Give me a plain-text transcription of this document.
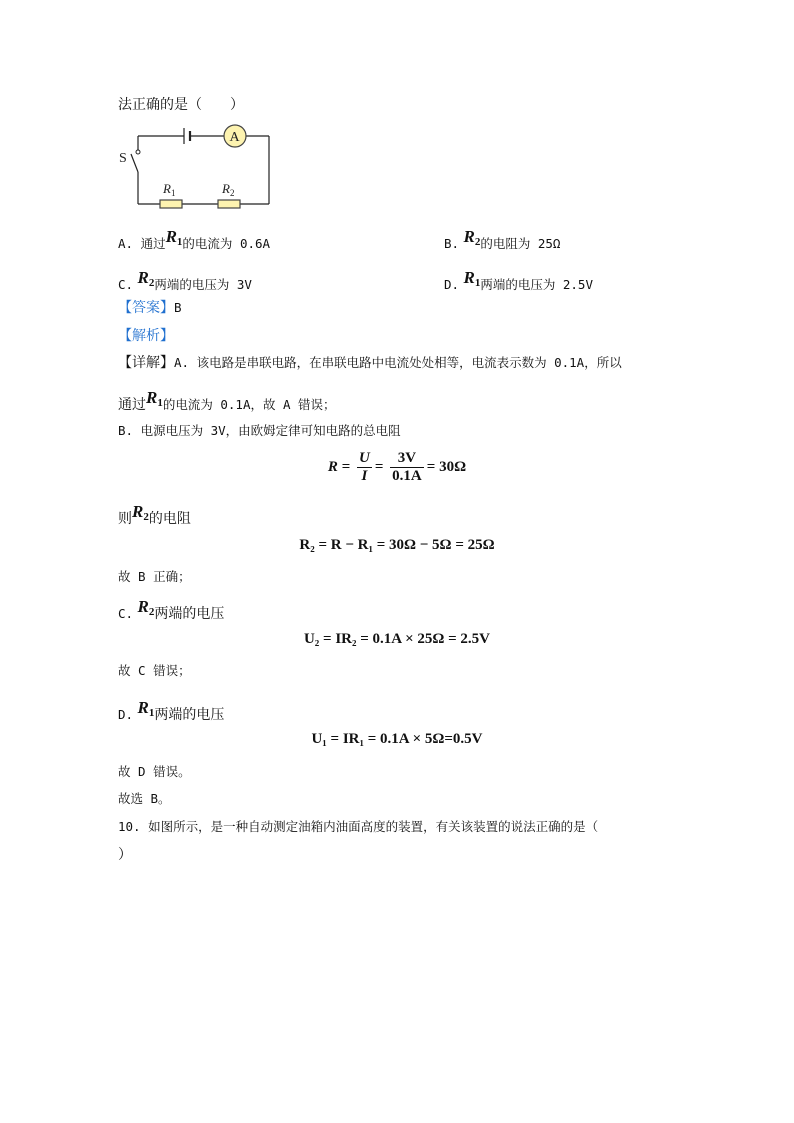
法正确的是（　　）
S
A
$R_1$	$R_2$
A. 通过$R_1$的电流为 0.6A	B. $R_2$的电阻为 25Ω
C. $R_2$两端的电压为 3V	D. $R_1$两端的电压为 2.5V
【答案】B
【解析】
【详解】A. 该电路是串联电路，在串联电路中电流处处相等，电流表示数为 0.1A，所以
通过$R_1$的电流为 0.1A，故 A 错误；
B. 电源电压为 3V，由欧姆定律可知电路的总电阻
$R = \frac{U}{I} = \frac{3V}{0.1A} = 30\Omega$
则$R_2$的电阻
R₂ = R − R₁ = 30Ω − 5Ω = 25Ω
故 B 正确；
C. $R_2$两端的电压
U₂ = IR₂ = 0.1A × 25Ω = 2.5V
故 C 错误；
D. $R_1$两端的电压
U₁ = IR₁ = 0.1A × 5Ω=0.5V
故 D 错误。
故选 B。
10. 如图所示，是一种自动测定油箱内油面高度的装置，有关该装置的说法正确的是（
）
